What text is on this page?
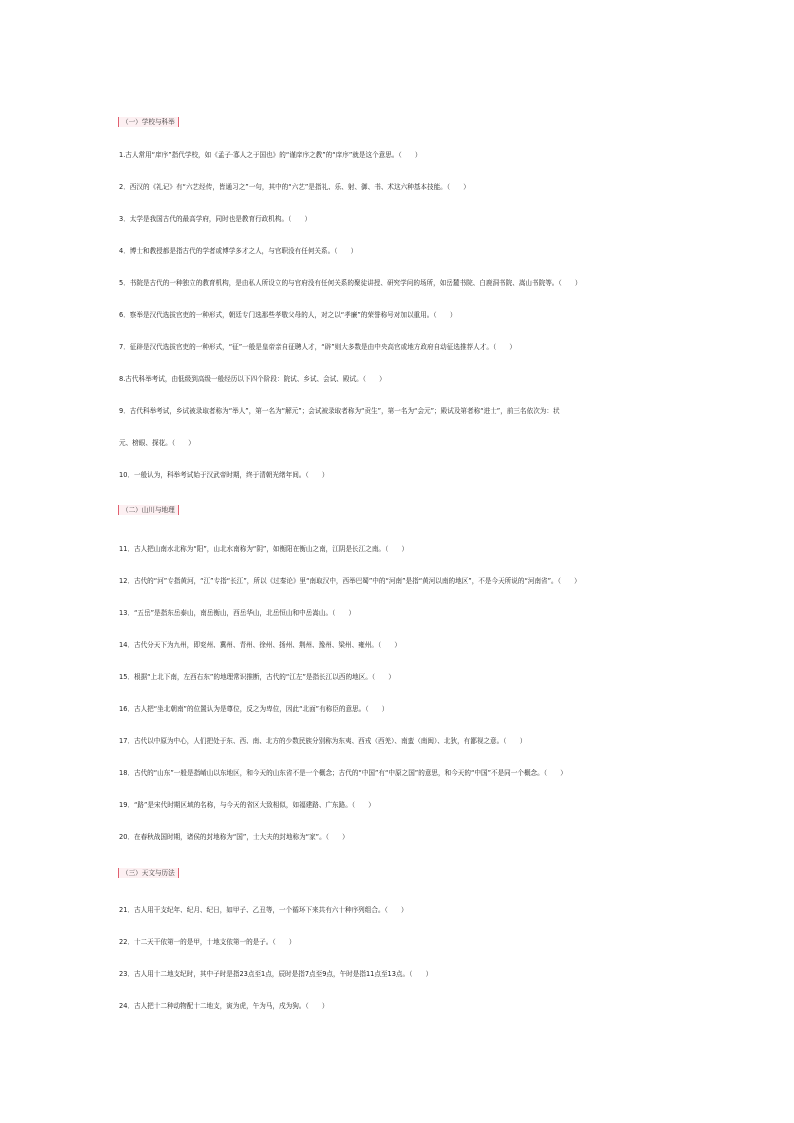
（一）学校与科举
1.古人常用“庠序”指代学校，如《孟子·寡人之于国也》的“谨庠序之教”的“庠序”就是这个意思。（　　）
2．西汉的《礼记》有“六艺经传，皆通习之”一句，其中的“六艺”是指礼、乐、射、御、书、术这六种基本技能。（　　）
3．太学是我国古代的最高学府，同时也是教育行政机构。（　　）
4．博士和教授都是指古代的学者或博学多才之人，与官职没有任何关系。（　　）
5．书院是古代的一种独立的教育机构，是由私人所设立的与官府没有任何关系的聚徒讲授、研究学问的场所，如岳麓书院、白鹿洞书院、嵩山书院等。（　　）
6．察举是汉代选拔官吏的一种形式，朝廷专门选那些孝敬父母的人，对之以“孝廉”的荣誉称号对加以重用。（　　）
7．征辟是汉代选拔官吏的一种形式，“征”一般是皇帝亲自征聘人才，“辟”则大多数是由中央高官或地方政府自动征选推荐人才。（　　）
8.古代科举考试，由低级到高级一般经历以下四个阶段：院试、乡试、会试、殿试。（　　）
9．古代科举考试，乡试被录取者称为“举人”，第一名为“解元”；会试被录取者称为“贡生”，第一名为“会元”；殿试及第者称“进士”，前三名依次为：状
元、榜眼、探花。（　　）
10．一般认为，科举考试始于汉武帝时期，终于清朝光绪年间。（　　）
（二）山川与地理
11．古人把山南水北称为“阳”，山北水南称为“阴”，如衡阳在衡山之南，江阴是长江之南。（　　）
12．古代的“河”专指黄河，“江”专指“长江”，所以《过秦论》里“南取汉中，西举巴蜀”中的“河南”是指“黄河以南的地区”，不是今天所说的“河南省”。（　　）
13．“五岳”是指东岳泰山，南岳衡山，西岳华山，北岳恒山和中岳嵩山。（　　）
14．古代分天下为九州，即兖州、冀州、青州、徐州、扬州、荆州、豫州、梁州、雍州。（　　）
15．根据“上北下南，左西右东”的地理常识推断，古代的“江左”是指长江以西的地区。（　　）
16．古人把“坐北朝南”的位置认为是尊位，反之为卑位，因此“北面”有称臣的意思。（　　）
17．古代以中原为中心，人们把处于东、西、南、北方的少数民族分别称为东夷、西戎（西羌）、南蛮（南闽）、北狄，有鄙视之意。（　　）
18．古代的“山东”一般是指崤山以东地区，和今天的山东省不是一个概念；古代的“中国”有“中原之国”的意思，和今天的“中国”不是同一个概念。（　　）
19．“路”是宋代时期区域的名称，与今天的省区大致相似，如福建路、广东路。（　　）
20．在春秋战国时期，诸侯的封地称为“国”，士大夫的封地称为“家”。（　　）
（三）天文与历法
21．古人用干支纪年、纪月、纪日，如甲子、乙丑等，一个循环下来共有六十种序列组合。（　　）
22．十二天干依第一的是甲，十地支依第一的是子。（　　）
23．古人用十二地支纪时，其中子时是指23点至1点，辰时是指7点至9点，午时是指11点至13点。（　　）
24．古人把十二种动物配十二地支，寅为虎，午为马，戌为狗。（　　）
